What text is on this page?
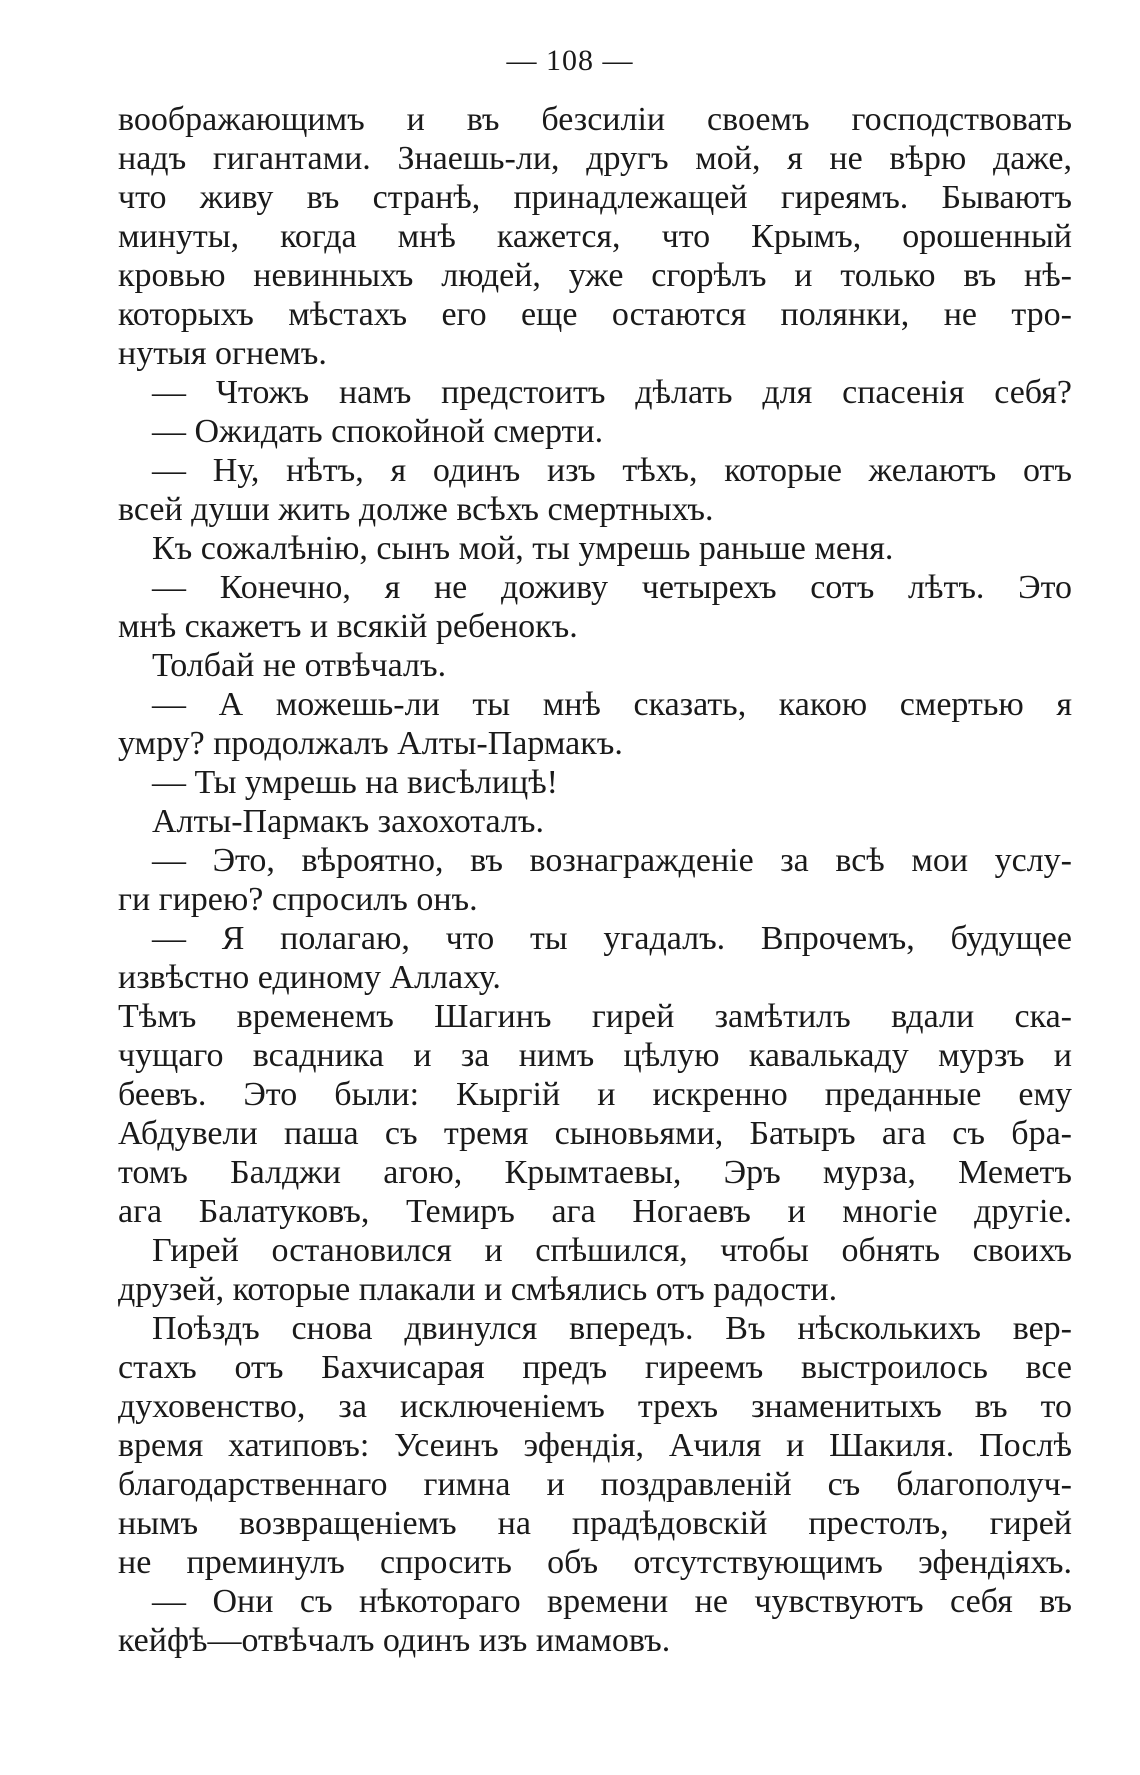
— 108 —
воображающимъ и въ безсилiи своемъ господствовать
надъ гигантами. Знаешь-ли, другъ мой, я не вѣрю даже,
что живу въ странѣ, принадлежащей гиреямъ. Бываютъ
минуты, когда мнѣ кажется, что Крымъ, орошенный
кровью невинныхъ людей, уже сгорѣлъ и только въ нѣ-
которыхъ мѣстахъ его еще остаются полянки, не тро-
нутыя огнемъ.
— Чтожъ намъ предстоитъ дѣлать для спасенiя себя?
— Ожидать спокойной смерти.
— Ну, нѣтъ, я одинъ изъ тѣхъ, которые желаютъ отъ
всей души жить долже всѣхъ смертныхъ.
Къ сожалѣнiю, сынъ мой, ты умрешь раньше меня.
— Конечно, я не доживу четырехъ сотъ лѣтъ. Это
мнѣ скажетъ и всякiй ребенокъ.
Толбай не отвѣчалъ.
— А можешь-ли ты мнѣ сказать, какою смертью я
умру? продолжалъ Алты-Пармакъ.
— Ты умрешь на висѣлицѣ!
Алты-Пармакъ захохоталъ.
— Это, вѣроятно, въ вознагражденiе за всѣ мои услу-
ги гирею? спросилъ онъ.
— Я полагаю, что ты угадалъ. Впрочемъ, будущее
извѣстно единому Аллаху.
Тѣмъ временемъ Шагинъ гирей замѣтилъ вдали ска-
чущаго всадника и за нимъ цѣлую кавалькаду мурзъ и
беевъ. Это были: Кыргiй и искренно преданные ему
Абдувели паша съ тремя сыновьями, Батыръ ага съ бра-
томъ Балджи агою, Крымтаевы, Эръ мурза, Меметъ
ага Балатуковъ, Темиръ ага Ногаевъ и многiе другiе.
Гирей остановился и спѣшился, чтобы обнять своихъ
друзей, которые плакали и смѣялись отъ радости.
Поѣздъ снова двинулся впередъ. Въ нѣсколькихъ вер-
стахъ отъ Бахчисарая предъ гиреемъ выстроилось все
духовенство, за исключенiемъ трехъ знаменитыхъ въ то
время хатиповъ: Усеинъ эфендiя, Ачиля и Шакиля. Послѣ
благодарственнаго гимна и поздравленiй съ благополуч-
нымъ возвращенiемъ на прадѣдовскiй престолъ, гирей
не преминулъ спросить объ отсутствующимъ эфендiяхъ.
— Они съ нѣкотораго времени не чувствуютъ себя въ
кейфѣ—отвѣчалъ одинъ изъ имамовъ.
